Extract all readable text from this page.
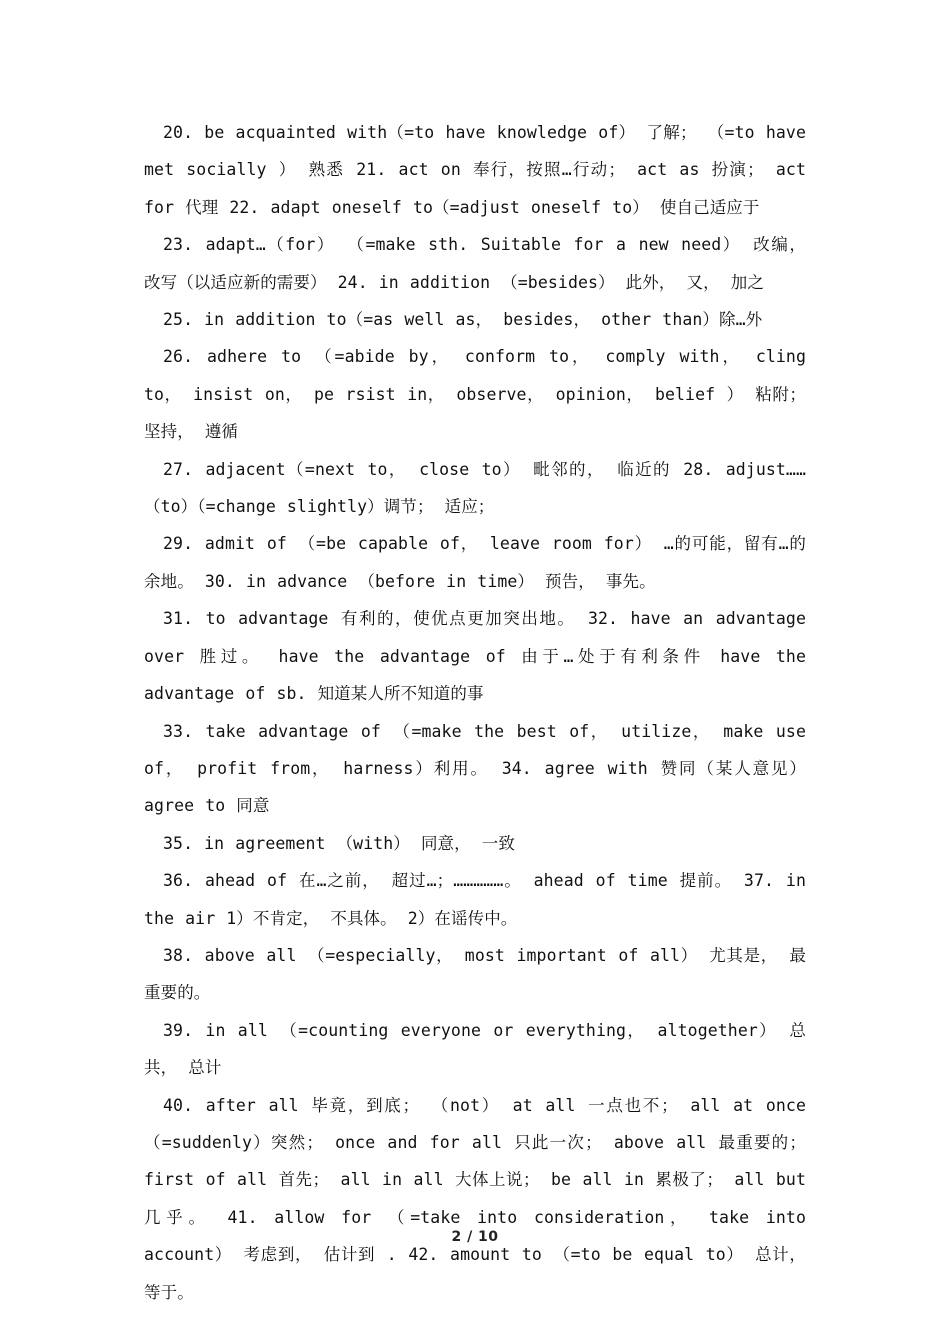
20. be acquainted with（=to have knowledge of） 了解； （=to have met socially ） 熟悉 21. act on 奉行，按照…行动； act as 扮演； act for 代理 22. adapt oneself to（=adjust oneself to） 使自己适应于

23. adapt…（for） （=make sth. Suitable for a new need） 改编， 改写（以适应新的需要） 24. in addition （=besides） 此外， 又， 加之

25. in addition to（=as well as， besides， other than）除…外

26. adhere to （=abide by， conform to， comply with， cling to， insist on， pe rsist in， observe， opinion， belief ） 粘附； 坚持， 遵循

27. adjacent（=next to， close to） 毗邻的， 临近的 28. adjust……（to）（=change slightly）调节； 适应；

29. admit of （=be capable of， leave room for） …的可能，留有…的余地。 30. in advance （before in time） 预告， 事先。

31. to advantage 有利的，使优点更加突出地。 32. have an advantage over 胜过。 have the advantage of 由于…处于有利条件 have the advantage of sb. 知道某人所不知道的事

33. take advantage of （=make the best of， utilize， make use of， profit from， harness）利用。 34. agree with 赞同（某人意见） agree to 同意

35. in agreement （with） 同意， 一致

36. ahead of 在…之前， 超过…；……………。 ahead of time 提前。 37. in the air 1）不肯定， 不具体。 2）在谣传中。

38. above all （=especially， most important of all） 尤其是， 最重要的。

39. in all （=counting everyone or everything， altogether） 总共， 总计

40. after all 毕竟，到底； （not） at all 一点也不； all at once （=suddenly）突然； once and for all 只此一次； above all 最重要的； first of all 首先； all in all 大体上说； be all in 累极了； all but 几乎。 41. allow for （=take into consideration， take into account） 考虑到， 估计到 . 42. amount to （=to be equal to） 总计， 等于。

2 / 10
